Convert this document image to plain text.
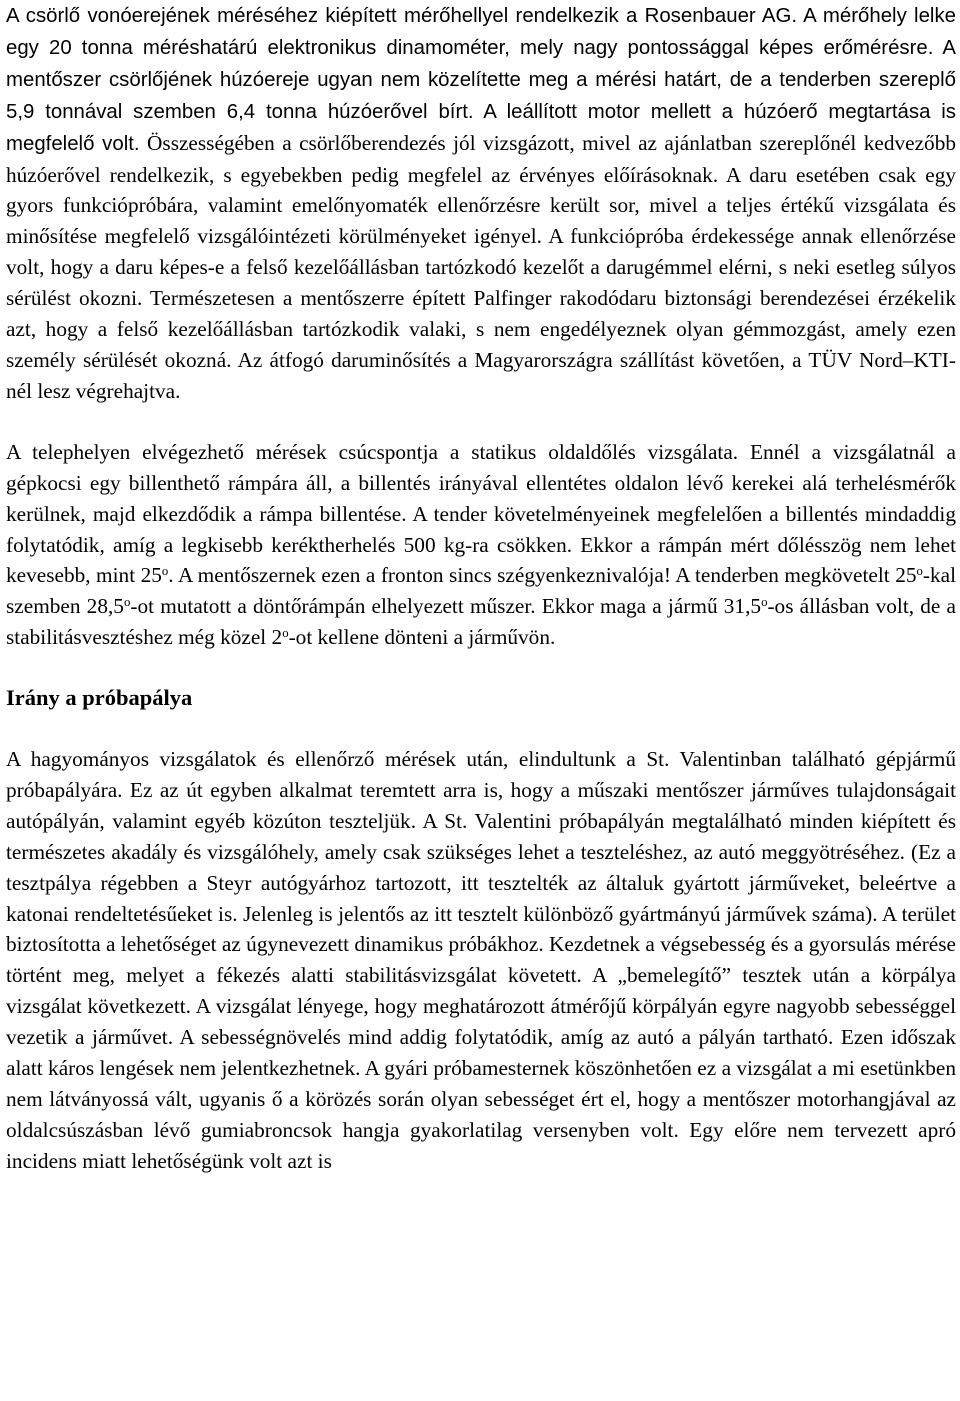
A csörlő vonóerejének méréséhez kiépített mérőhellyel rendelkezik a Rosenbauer AG. A mérőhely lelke egy 20 tonna méréshatárú elektronikus dinamométer, mely nagy pontossággal képes erőmérésre. A mentőszer csörlőjének húzóereje ugyan nem közelítette meg a mérési határt, de a tenderben szereplő 5,9 tonnával szemben 6,4 tonna húzóerővel bírt. A leállított motor mellett a húzóerő megtartása is megfelelő volt. Összességében a csörlőberendezés jól vizsgázott, mivel az ajánlatban szereplőnél kedvezőbb húzóerővel rendelkezik, s egyebekben pedig megfelel az érvényes előírásoknak. A daru esetében csak egy gyors funkciópróbára, valamint emelőnyomaték ellenőrzésre került sor, mivel a teljes értékű vizsgálata és minősítése megfelelő vizsgálóintézeti körülményeket igényel. A funkciópróba érdekessége annak ellenőrzése volt, hogy a daru képes-e a felső kezelőállásban tartózkodó kezelőt a darugémmel elérni, s neki esetleg súlyos sérülést okozni. Természetesen a mentőszerre épített Palfinger rakodódaru biztonsági berendezései érzékelik azt, hogy a felső kezelőállásban tartózkodik valaki, s nem engedélyeznek olyan gémmozgást, amely ezen személy sérülését okozná. Az átfogó daruminősítés a Magyarországra szállítást követően, a TÜV Nord–KTI-nél lesz végrehajtva.

A telephelyen elvégezhető mérések csúcspontja a statikus oldaldőlés vizsgálata. Ennél a vizsgálatnál a gépkocsi egy billenthető rámpára áll, a billentés irányával ellentétes oldalon lévő kerekei alá terhelésmérők kerülnek, majd elkezdődik a rámpa billentése. A tender követelményeinek megfelelően a billentés mindaddig folytatódik, amíg a legkisebb keréktherhelés 500 kg-ra csökken. Ekkor a rámpán mért dőlésszög nem lehet kevesebb, mint 25$^o$. A mentőszernek ezen a fronton sincs szégyenkeznivalója! A tenderben megkövetelt 25$^o$-kal szemben 28,5$^o$-ot mutatott a döntőrámpán elhelyezett műszer. Ekkor maga a jármű 31,5$^o$-os állásban volt, de a stabilitásvesztéshez még közel 2$^o$-ot kellene dönteni a járművön.

Irány a próbapálya

A hagyományos vizsgálatok és ellenőrző mérések után, elindultunk a St. Valentinban található gépjármű próbapályára. Ez az út egyben alkalmat teremtett arra is, hogy a műszaki mentőszer járműves tulajdonságait autópályán, valamint egyéb közúton teszteljük. A St. Valentini próbapályán megtalálható minden kiépített és természetes akadály és vizsgálóhely, amely csak szükséges lehet a teszteléshez, az autó meggyötréséhez. (Ez a tesztpálya régebben a Steyr autógyárhoz tartozott, itt tesztelték az általuk gyártott járműveket, beleértve a katonai rendeltetésűeket is. Jelenleg is jelentős az itt tesztelt különböző gyártmányú járművek száma). A terület biztosította a lehetőséget az úgynevezett dinamikus próbákhoz. Kezdetnek a végsebesség és a gyorsulás mérése történt meg, melyet a fékezés alatti stabilitásvizsgálat követett. A „bemelegítő” tesztek után a körpálya vizsgálat következett. A vizsgálat lényege, hogy meghatározott átmérőjű körpályán egyre nagyobb sebességgel vezetik a járművet. A sebességnövelés mind addig folytatódik, amíg az autó a pályán tartható. Ezen időszak alatt káros lengések nem jelentkezhetnek. A gyári próbamesternek köszönhetően ez a vizsgálat a mi esetünkben nem látványossá vált, ugyanis ő a körözés során olyan sebességet ért el, hogy a mentőszer motorhangjával az oldalcsúszásban lévő gumiabroncsok hangja gyakorlatilag versenyben volt. Egy előre nem tervezett apró incidens miatt lehetőségünk volt azt is
